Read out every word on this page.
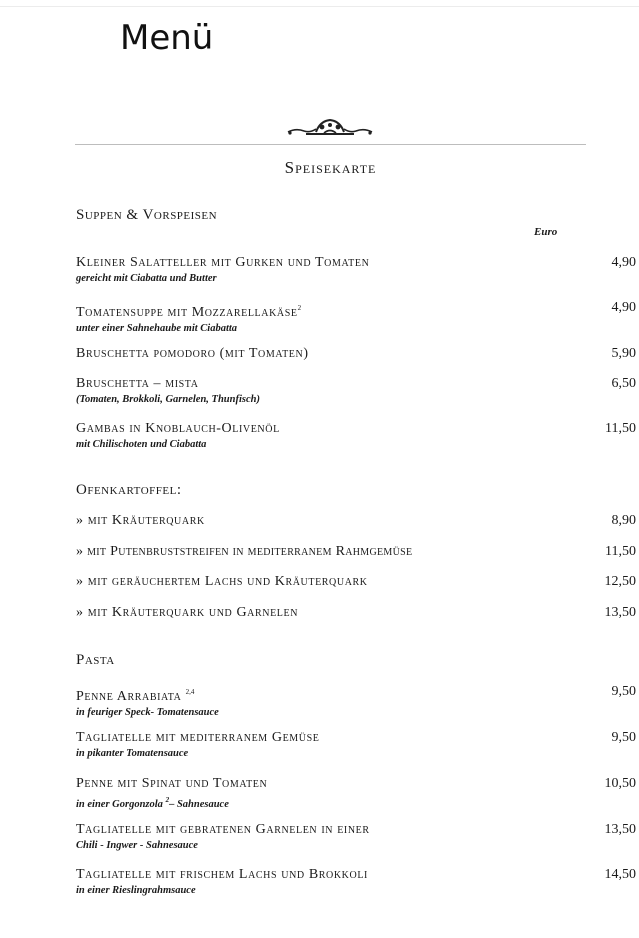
Menü
Speisekarte
Suppen & Vorspeisen
Euro
Kleiner Salatteller mit Gurken und Tomaten
gereicht mit Ciabatta und Butter
4,90
Tomatensuppe mit Mozzarellakäse$^2$
unter einer Sahnehaube mit Ciabatta
4,90
Bruschetta pomodoro (mit Tomaten)	5,90
Bruschetta – mista
(Tomaten, Brokkoli, Garnelen, Thunfisch)
6,50
Gambas in Knoblauch-Olivenöl
mit Chilischoten und Ciabatta
11,50
Ofenkartoffel:
» mit Kräuterquark	8,90
» mit Putenbruststreifen in mediterranem Rahmgemüse	11,50
» mit geräuchertem Lachs und Kräuterquark	12,50
» mit Kräuterquark und Garnelen	13,50
Pasta
Penne Arrabiata $^{2,4}$
in feuriger Speck- Tomatensauce
9,50
Tagliatelle mit mediterranem Gemüse
in pikanter Tomatensauce
9,50
Penne mit Spinat und Tomaten
in einer Gorgonzola $^2$– Sahnesauce
10,50
Tagliatelle mit gebratenen Garnelen in einer
Chili - Ingwer - Sahnesauce
13,50
Tagliatelle mit frischem Lachs und Brokkoli
in einer Rieslingrahmsauce
14,50
